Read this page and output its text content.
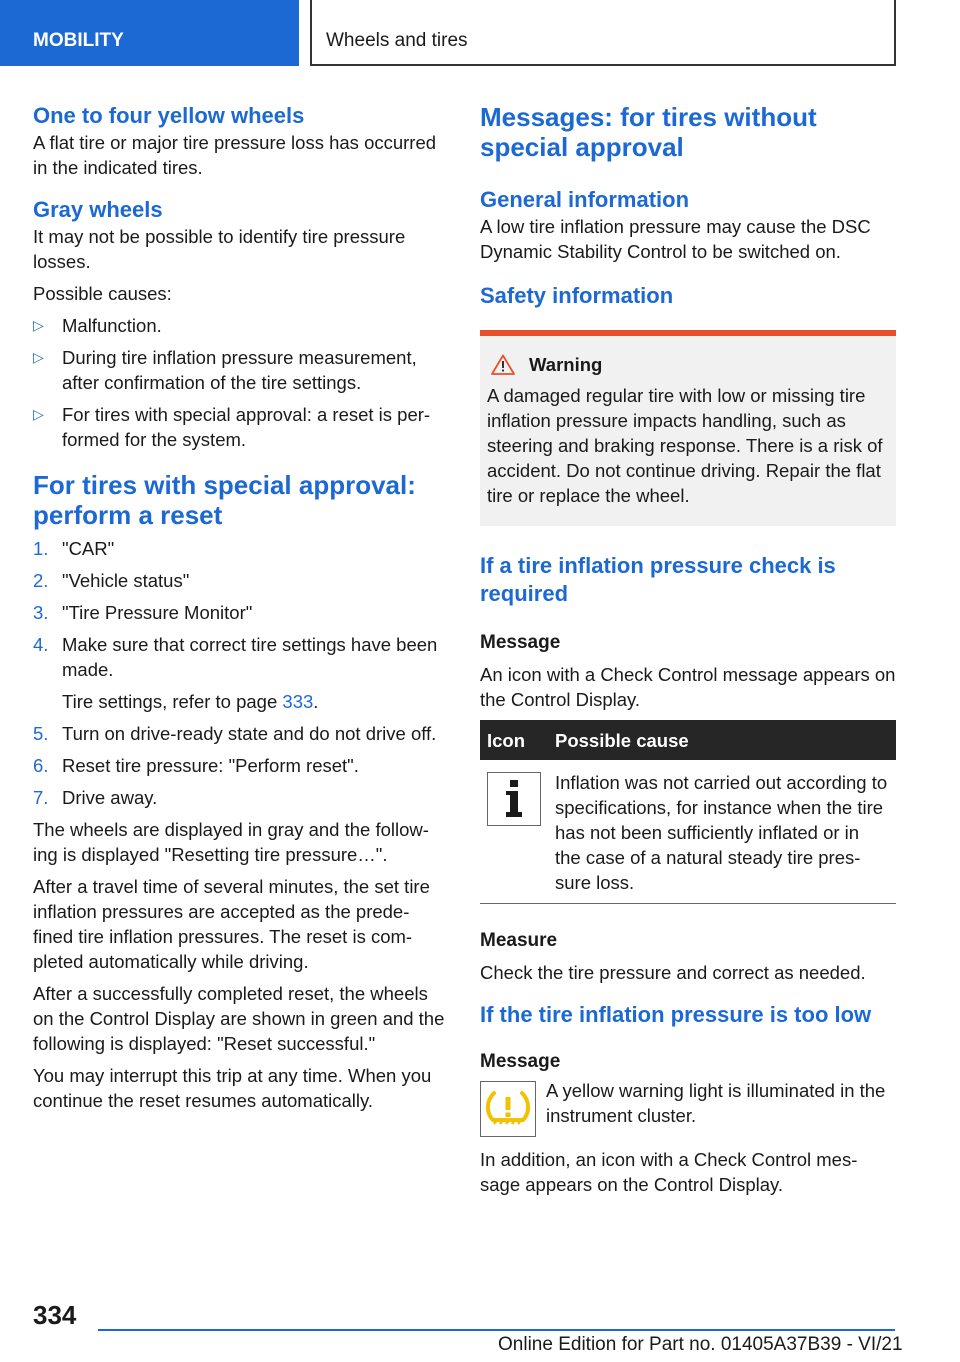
MOBILITY	Wheels and tires
One to four yellow wheels

A flat tire or major tire pressure loss has occurred in the indicated tires.

Gray wheels

It may not be possible to identify tire pressure losses.

Possible causes:

▷ Malfunction.
▷ During tire inflation pressure measurement, after confirmation of the tire settings.
▷ For tires with special approval: a reset is per‐formed for the system.
For tires with special approval: perform a reset
1. "CAR"
2. "Vehicle status"
3. "Tire Pressure Monitor"
4. Make sure that correct tire settings have been made.
Tire settings, refer to page 333.
5. Turn on drive-ready state and do not drive off.
6. Reset tire pressure: "Perform reset".
7. Drive away.

The wheels are displayed in gray and the follow‐ing is displayed "Resetting tire pressure…".

After a travel time of several minutes, the set tire inflation pressures are accepted as the prede‐fined tire inflation pressures. The reset is com‐pleted automatically while driving.

After a successfully completed reset, the wheels on the Control Display are shown in green and the following is displayed: "Reset successful."

You may interrupt this trip at any time. When you continue the reset resumes automatically.

Messages: for tires without special approval
General information

A low tire inflation pressure may cause the DSC Dynamic Stability Control to be switched on.

Safety information
Warning
A damaged regular tire with low or missing tire inflation pressure impacts handling, such as steering and braking response. There is a risk of accident. Do not continue driving. Repair the flat tire or replace the wheel.
If a tire inflation pressure check is required
Message

An icon with a Check Control message appears on the Control Display.

Icon	Possible cause

	Inflation was not carried out according to specifications, for instance when the tire has not been sufficiently inflated or in the case of a natural steady tire pres‐sure loss.
Measure

Check the tire pressure and correct as needed.

If the tire inflation pressure is too low
Message
A yellow warning light is illuminated in the instrument cluster.

In addition, an icon with a Check Control mes‐sage appears on the Control Display.

334
Online Edition for Part no. 01405A37B39 - VI/21
